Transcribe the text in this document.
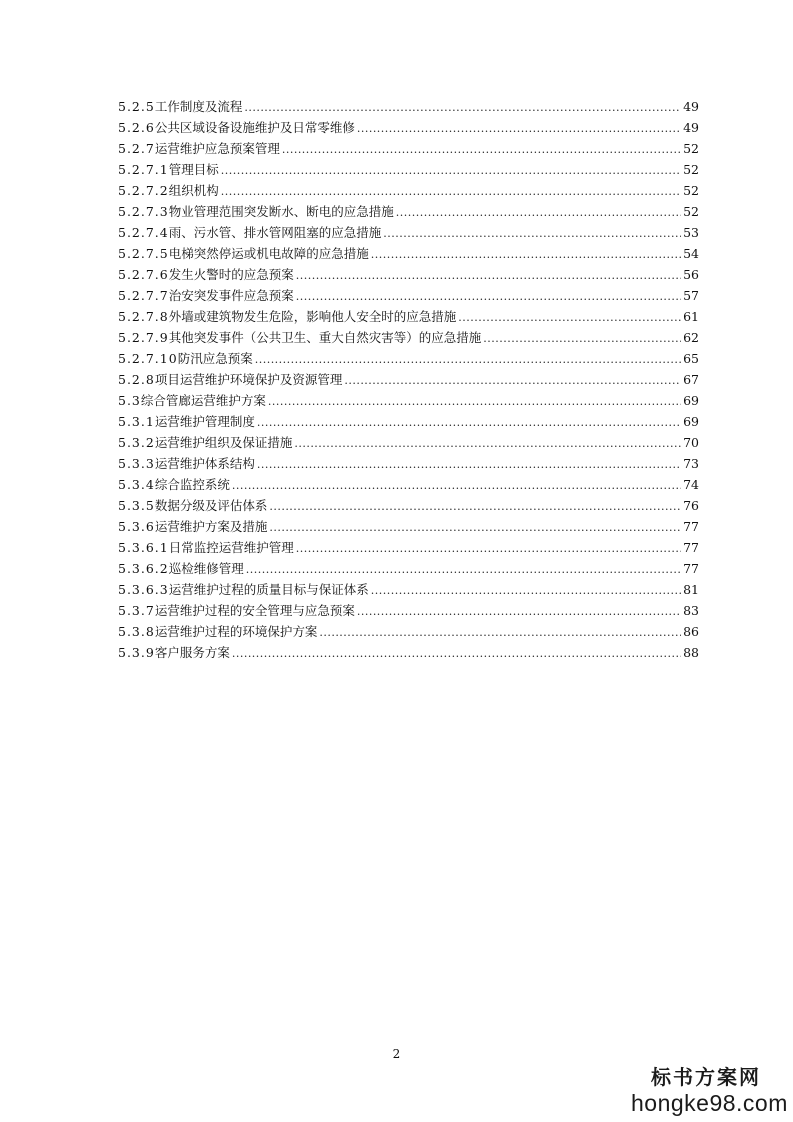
5.2.5 工作制度及流程 .....	49
5.2.6 公共区域设备设施维护及日常零维修 .....	49
5.2.7 运营维护应急预案管理 .....	52
5.2.7.1 管理目标 .....	52
5.2.7.2 组织机构 .....	52
5.2.7.3 物业管理范围突发断水、断电的应急措施 .....	52
5.2.7.4 雨、污水管、排水管网阻塞的应急措施 .....	53
5.2.7.5 电梯突然停运或机电故障的应急措施 .....	54
5.2.7.6 发生火警时的应急预案 .....	56
5.2.7.7 治安突发事件应急预案 .....	57
5.2.7.8 外墙或建筑物发生危险，影响他人安全时的应急措施 .....	61
5.2.7.9 其他突发事件（公共卫生、重大自然灾害等）的应急措施 .....	62
5.2.7.10 防汛应急预案 .....	65
5.2.8 项目运营维护环境保护及资源管理 .....	67
5.3 综合管廊运营维护方案 .....	69
5.3.1 运营维护管理制度 .....	69
5.3.2 运营维护组织及保证措施 .....	70
5.3.3 运营维护体系结构 .....	73
5.3.4 综合监控系统 .....	74
5.3.5 数据分级及评估体系 .....	76
5.3.6 运营维护方案及措施 .....	77
5.3.6.1 日常监控运营维护管理 .....	77
5.3.6.2 巡检维修管理 .....	77
5.3.6.3 运营维护过程的质量目标与保证体系 .....	81
5.3.7 运营维护过程的安全管理与应急预案 .....	83
5.3.8 运营维护过程的环境保护方案 .....	86
5.3.9 客户服务方案 .....	88
2
标书方案网
hongke98.com
